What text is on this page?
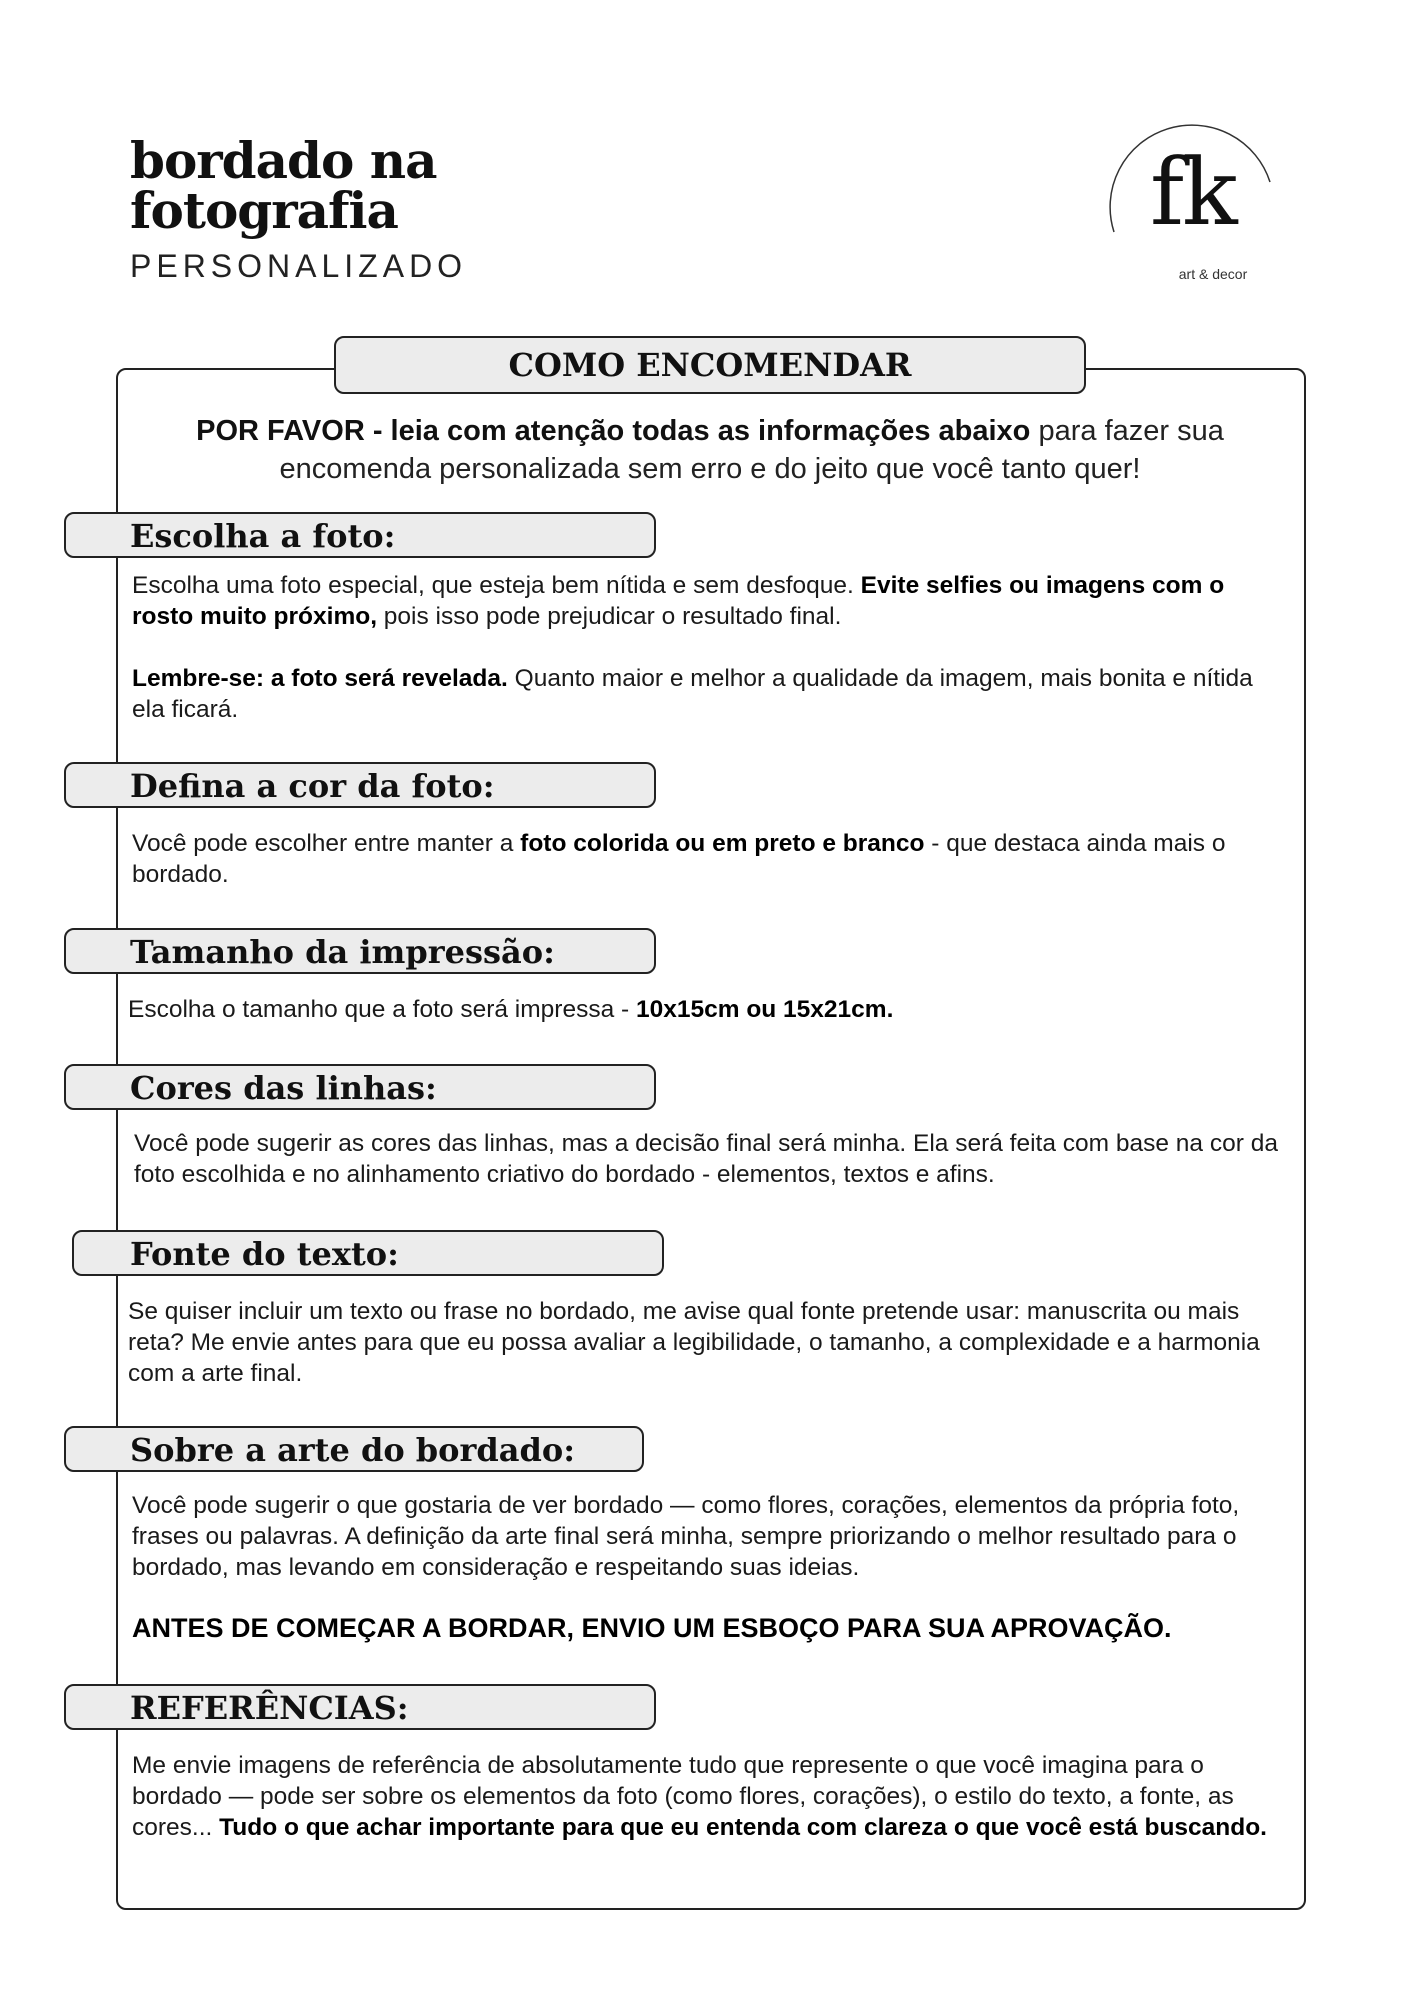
bordado na fotografia
PERSONALIZADO
fk
art & decor
COMO ENCOMENDAR
POR FAVOR - leia com atenção todas as informações abaixo para fazer sua encomenda personalizada sem erro e do jeito que você tanto quer!
Escolha a foto:

Escolha uma foto especial, que esteja bem nítida e sem desfoque. Evite selfies ou imagens com o rosto muito próximo, pois isso pode prejudicar o resultado final.

Lembre-se: a foto será revelada. Quanto maior e melhor a qualidade da imagem, mais bonita e nítida ela ficará.

Defina a cor da foto:

Você pode escolher entre manter a foto colorida ou em preto e branco - que destaca ainda mais o bordado.

Tamanho da impressão:

Escolha o tamanho que a foto será impressa - 10x15cm ou 15x21cm.

Cores das linhas:

Você pode sugerir as cores das linhas, mas a decisão final será minha. Ela será feita com base na cor da foto escolhida e no alinhamento criativo do bordado - elementos, textos e afins.

Fonte do texto:

Se quiser incluir um texto ou frase no bordado, me avise qual fonte pretende usar: manuscrita ou mais reta? Me envie antes para que eu possa avaliar a legibilidade, o tamanho, a complexidade e a harmonia com a arte final.

Sobre a arte do bordado:

Você pode sugerir o que gostaria de ver bordado — como flores, corações, elementos da própria foto, frases ou palavras. A definição da arte final será minha, sempre priorizando o melhor resultado para o bordado, mas levando em consideração e respeitando suas ideias.

ANTES DE COMEÇAR A BORDAR, ENVIO UM ESBOÇO PARA SUA APROVAÇÃO.

REFERÊNCIAS:

Me envie imagens de referência de absolutamente tudo que represente o que você imagina para o bordado — pode ser sobre os elementos da foto (como flores, corações), o estilo do texto, a fonte, as cores... Tudo o que achar importante para que eu entenda com clareza o que você está buscando.
